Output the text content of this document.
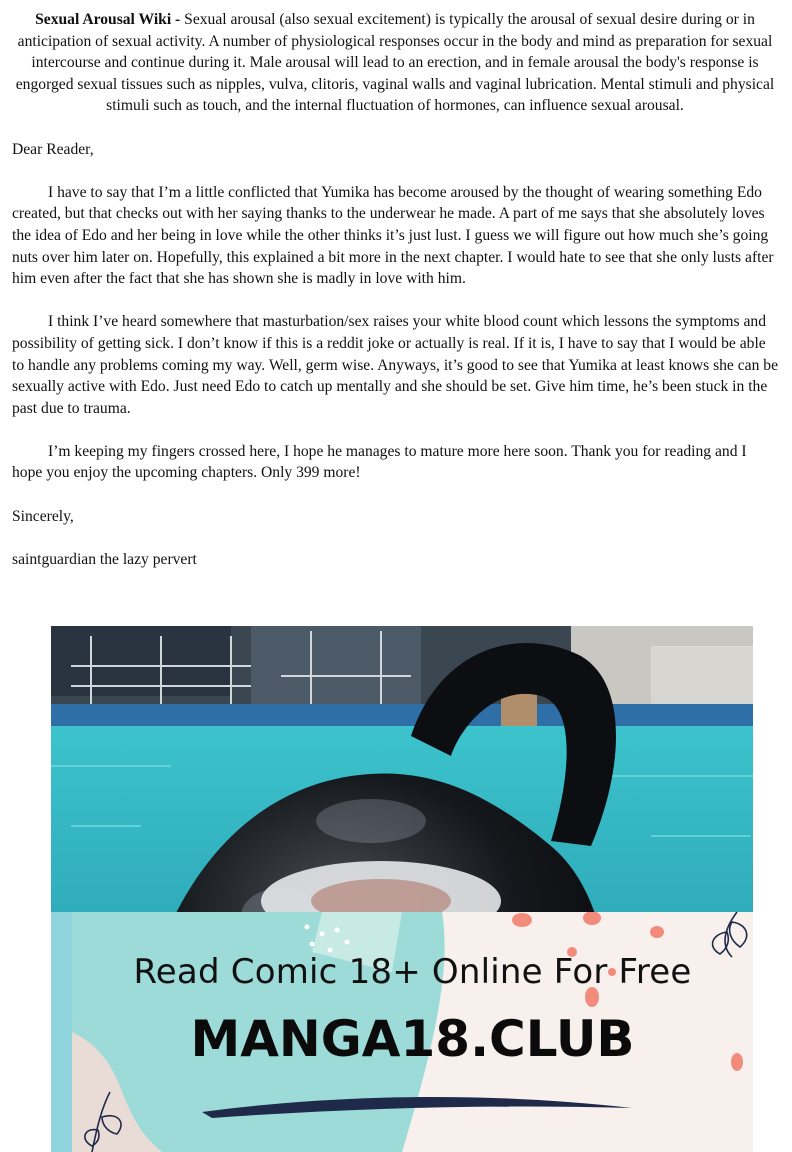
Sexual Arousal Wiki - Sexual arousal (also sexual excitement) is typically the arousal of sexual desire during or in anticipation of sexual activity. A number of physiological responses occur in the body and mind as preparation for sexual intercourse and continue during it. Male arousal will lead to an erection, and in female arousal the body's response is engorged sexual tissues such as nipples, vulva, clitoris, vaginal walls and vaginal lubrication. Mental stimuli and physical stimuli such as touch, and the internal fluctuation of hormones, can influence sexual arousal.

Dear Reader,

I have to say that I’m a little conflicted that Yumika has become aroused by the thought of wearing something Edo created, but that checks out with her saying thanks to the underwear he made. A part of me says that she absolutely loves the idea of Edo and her being in love while the other thinks it’s just lust. I guess we will figure out how much she’s going nuts over him later on. Hopefully, this explained a bit more in the next chapter. I would hate to see that she only lusts after him even after the fact that she has shown she is madly in love with him.

I think I’ve heard somewhere that masturbation/sex raises your white blood count which lessons the symptoms and possibility of getting sick. I don’t know if this is a reddit joke or actually is real. If it is, I have to say that I would be able to handle any problems coming my way. Well, germ wise. Anyways, it’s good to see that Yumika at least knows she can be sexually active with Edo. Just need Edo to catch up mentally and she should be set. Give him time, he’s been stuck in the past due to trauma.

I’m keeping my fingers crossed here, I hope he manages to mature more here soon. Thank you for reading and I hope you enjoy the upcoming chapters. Only 399 more!

Sincerely,

saintguardian the lazy pervert

Read Comic 18+ Online For Free
MANGA18.CLUB
